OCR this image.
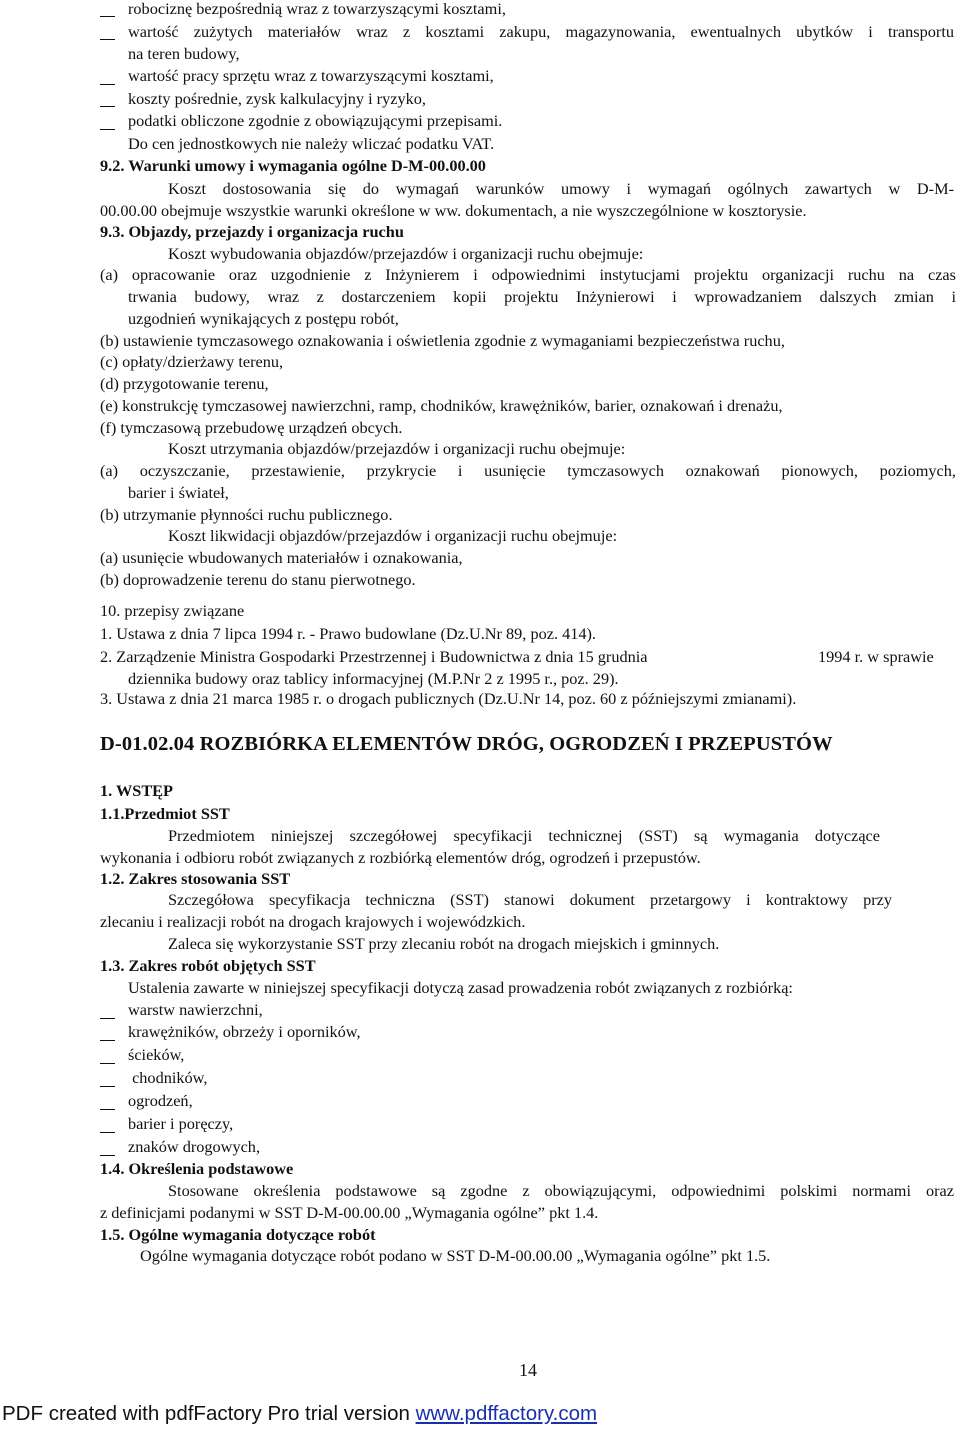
robociznę bezpośrednią wraz z towarzyszącymi kosztami,
wartość zużytych materiałów wraz z kosztami zakupu, magazynowania, ewentualnych ubytków i transportu
na teren budowy,
wartość pracy sprzętu wraz z towarzyszącymi kosztami,
koszty pośrednie, zysk kalkulacyjny i ryzyko,
podatki obliczone zgodnie z obowiązującymi przepisami.
Do cen jednostkowych nie należy wliczać podatku VAT.
9.2. Warunki umowy i wymagania ogólne D-M-00.00.00
Koszt dostosowania się do wymagań warunków umowy i wymagań ogólnych zawartych w D-M-
00.00.00 obejmuje wszystkie warunki określone w ww. dokumentach, a nie wyszczególnione w kosztorysie.
9.3. Objazdy, przejazdy i organizacja ruchu
Koszt wybudowania objazdów/przejazdów i organizacji ruchu obejmuje:
(a) opracowanie oraz uzgodnienie z Inżynierem i odpowiednimi instytucjami projektu organizacji ruchu na czas
trwania budowy, wraz z dostarczeniem kopii projektu Inżynierowi i wprowadzaniem dalszych zmian i
uzgodnień wynikających z postępu robót,
(b) ustawienie tymczasowego oznakowania i oświetlenia zgodnie z wymaganiami bezpieczeństwa ruchu,
(c) opłaty/dzierżawy terenu,
(d) przygotowanie terenu,
(e) konstrukcję tymczasowej nawierzchni, ramp, chodników, krawężników, barier, oznakowań i drenażu,
(f) tymczasową przebudowę urządzeń obcych.
Koszt utrzymania objazdów/przejazdów i organizacji ruchu obejmuje:
(a) oczyszczanie, przestawienie, przykrycie i usunięcie tymczasowych oznakowań pionowych, poziomych,
barier i świateł,
(b) utrzymanie płynności ruchu publicznego.
Koszt likwidacji objazdów/przejazdów i organizacji ruchu obejmuje:
(a) usunięcie wbudowanych materiałów i oznakowania,
(b) doprowadzenie terenu do stanu pierwotnego.
10. przepisy związane
1. Ustawa z dnia 7 lipca 1994 r. - Prawo budowlane (Dz.U.Nr 89, poz. 414).
2. Zarządzenie Ministra Gospodarki Przestrzennej i Budownictwa z dnia 15 grudnia	1994 r. w sprawie
dziennika budowy oraz tablicy informacyjnej (M.P.Nr 2 z 1995 r., poz. 29).
3. Ustawa z dnia 21 marca 1985 r. o drogach publicznych (Dz.U.Nr 14, poz. 60 z późniejszymi zmianami).
D-01.02.04 ROZBIÓRKA ELEMENTÓW DRÓG, OGRODZEŃ I PRZEPUSTÓW
1. WSTĘP
1.1.Przedmiot SST
Przedmiotem niniejszej szczegółowej specyfikacji technicznej (SST) są wymagania dotyczące
wykonania i odbioru robót związanych z rozbiórką elementów dróg, ogrodzeń i przepustów.
1.2. Zakres stosowania SST
Szczegółowa specyfikacja techniczna (SST) stanowi dokument przetargowy i kontraktowy przy
zlecaniu i realizacji robót na drogach krajowych i wojewódzkich.
Zaleca się wykorzystanie SST przy zlecaniu robót na drogach miejskich i gminnych.
1.3. Zakres robót objętych SST
Ustalenia zawarte w niniejszej specyfikacji dotyczą zasad prowadzenia robót związanych z rozbiórką:
warstw nawierzchni,
krawężników, obrzeży i oporników,
ścieków,
chodników,
ogrodzeń,
barier i poręczy,
znaków drogowych,
1.4. Określenia podstawowe
Stosowane określenia podstawowe są zgodne z obowiązującymi, odpowiednimi polskimi normami oraz
z definicjami podanymi w SST D-M-00.00.00 „Wymagania ogólne” pkt 1.4.
1.5. Ogólne wymagania dotyczące robót
Ogólne wymagania dotyczące robót podano w SST D-M-00.00.00 „Wymagania ogólne” pkt 1.5.
14
PDF created with pdfFactory Pro trial version www.pdffactory.com
